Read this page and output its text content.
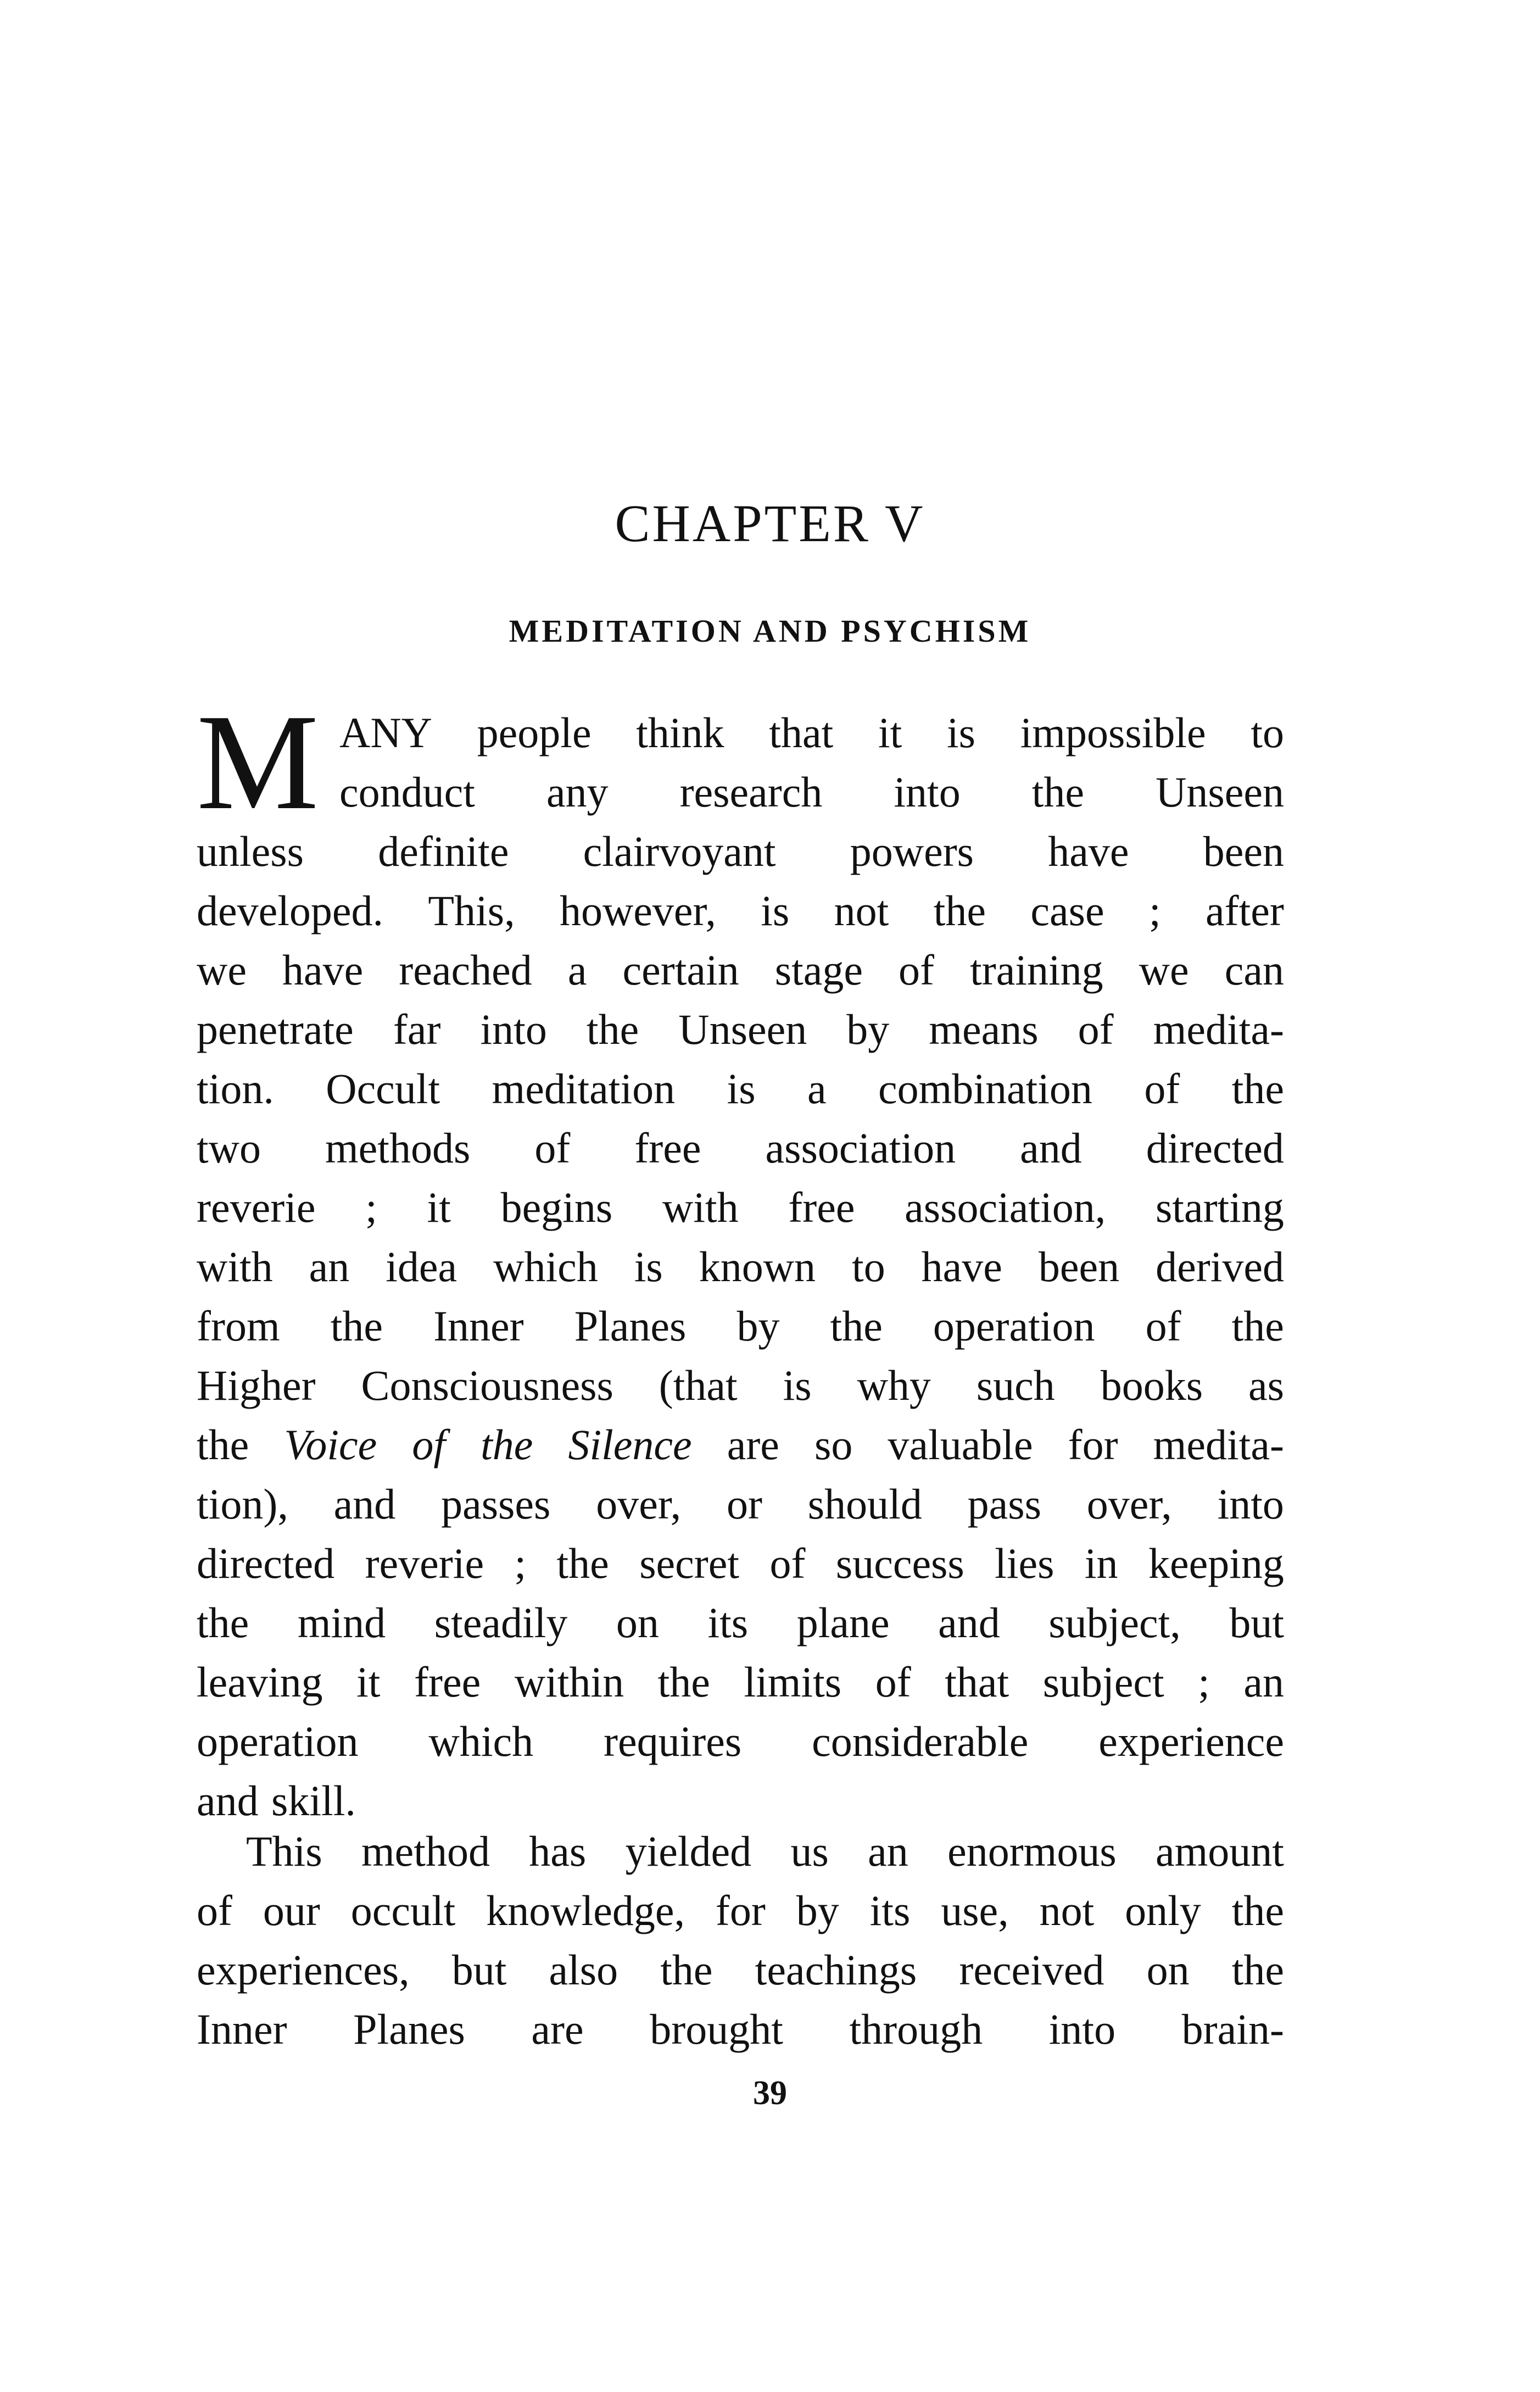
CHAPTER V
MEDITATION AND PSYCHISM
M ANY people think that it is impossible to
conduct any research into the Unseen
unless definite clairvoyant powers have been
developed. This, however, is not the case ; after
we have reached a certain stage of training we can
penetrate far into the Unseen by means of medita-
tion. Occult meditation is a combination of the
two methods of free association and directed
reverie ; it begins with free association, starting
with an idea which is known to have been derived
from the Inner Planes by the operation of the
Higher Consciousness (that is why such books as
the Voice of the Silence are so valuable for medita-
tion), and passes over, or should pass over, into
directed reverie ; the secret of success lies in keeping
the mind steadily on its plane and subject, but
leaving it free within the limits of that subject ; an
operation which requires considerable experience
and skill.
This method has yielded us an enormous amount
of our occult knowledge, for by its use, not only the
experiences, but also the teachings received on the
Inner Planes are brought through into brain-
39
